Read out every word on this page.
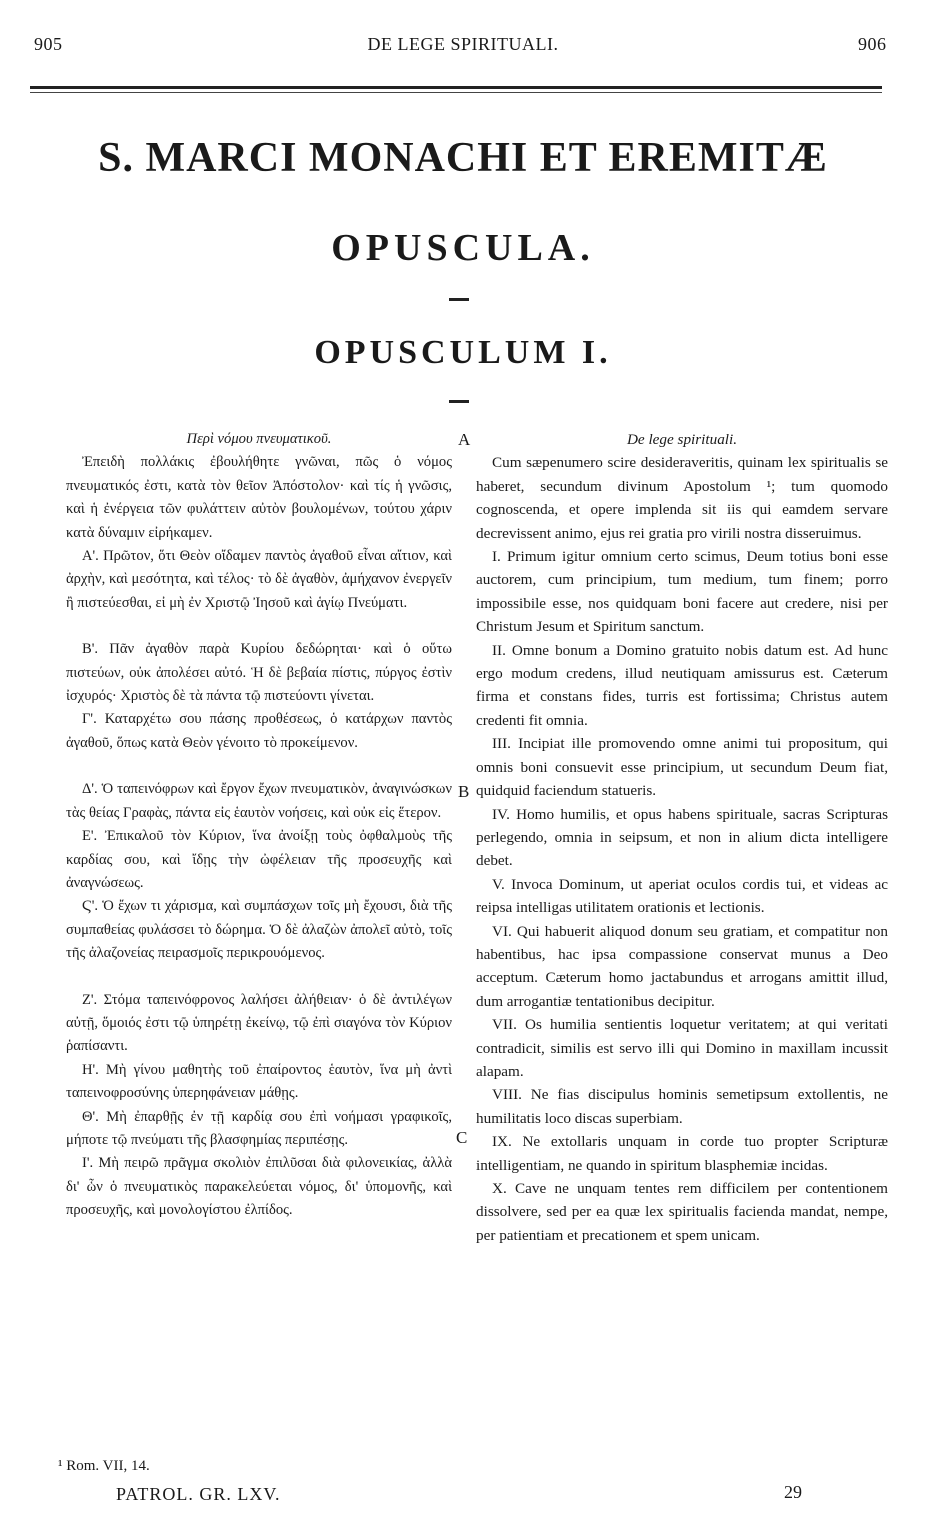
905	DE LEGE SPIRITUALI.	906
S. MARCI MONACHI ET EREMITÆ
OPUSCULA.
OPUSCULUM I.
A
B
C

Περὶ νόμου πνευματικοῦ.

Ἐπειδὴ πολλάκις ἐβουλήθητε γνῶναι, πῶς ὁ νόμος πνευματικός ἐστι, κατὰ τὸν θεῖον Ἀπόστολον· καὶ τίς ἡ γνῶσις, καὶ ἡ ἐνέργεια τῶν φυλάττειν αὐτὸν βουλομένων, τούτου χάριν κατὰ δύναμιν εἰρήκαμεν.

Α'. Πρῶτον, ὅτι Θεὸν οἴδαμεν παντὸς ἀγαθοῦ εἶναι αἴτιον, καὶ ἀρχὴν, καὶ μεσότητα, καὶ τέλος· τὸ δὲ ἀγαθὸν, ἀμήχανον ἐνεργεῖν ἢ πιστεύεσθαι, εἰ μὴ ἐν Χριστῷ Ἰησοῦ καὶ ἁγίῳ Πνεύματι.

Β'. Πᾶν ἀγαθὸν παρὰ Κυρίου δεδώρηται· καὶ ὁ οὕτω πιστεύων, οὐκ ἀπολέσει αὐτό. Ἡ δὲ βεβαία πίστις, πύργος ἐστὶν ἰσχυρός· Χριστὸς δὲ τὰ πάντα τῷ πιστεύοντι γίνεται.

Γ'. Καταρχέτω σου πάσης προθέσεως, ὁ κατάρχων παντὸς ἀγαθοῦ, ὅπως κατὰ Θεὸν γένοιτο τὸ προκείμενον.

Δ'. Ὁ ταπεινόφρων καὶ ἔργον ἔχων πνευματικὸν, ἀναγινώσκων τὰς θείας Γραφὰς, πάντα εἰς ἑαυτὸν νοήσεις, καὶ οὐκ εἰς ἕτερον.

Ε'. Ἐπικαλοῦ τὸν Κύριον, ἵνα ἀνοίξῃ τοὺς ὀφθαλμοὺς τῆς καρδίας σου, καὶ ἴδῃς τὴν ὠφέλειαν τῆς προσευχῆς καὶ ἀναγνώσεως.

Ϛ'. Ὁ ἔχων τι χάρισμα, καὶ συμπάσχων τοῖς μὴ ἔχουσι, διὰ τῆς συμπαθείας φυλάσσει τὸ δώρημα. Ὁ δὲ ἀλαζὼν ἀπολεῖ αὐτὸ, τοῖς τῆς ἀλαζονείας πειρασμοῖς περικρουόμενος.

Ζ'. Στόμα ταπεινόφρονος λαλήσει ἀλήθειαν· ὁ δὲ ἀντιλέγων αὐτῇ, ὅμοιός ἐστι τῷ ὑπηρέτῃ ἐκείνῳ, τῷ ἐπὶ σιαγόνα τὸν Κύριον ῥαπίσαντι.

Η'. Μὴ γίνου μαθητὴς τοῦ ἐπαίροντος ἑαυτὸν, ἵνα μὴ ἀντὶ ταπεινοφροσύνης ὑπερηφάνειαν μάθῃς.

Θ'. Μὴ ἐπαρθῇς ἐν τῇ καρδίᾳ σου ἐπὶ νοήμασι γραφικοῖς, μήποτε τῷ πνεύματι τῆς βλασφημίας περιπέσῃς.

Ι'. Μὴ πειρῶ πρᾶγμα σκολιὸν ἐπιλῦσαι διὰ φιλονεικίας, ἀλλὰ δι' ὧν ὁ πνευματικὸς παρακελεύεται νόμος, δι' ὑπομονῆς, καὶ προσευχῆς, καὶ μονολογίστου ἐλπίδος.

De lege spirituali.

Cum sæpenumero scire desideraveritis, quinam lex spiritualis se haberet, secundum divinum Apostolum ¹; tum quomodo cognoscenda, et opere implenda sit iis qui eamdem servare decrevissent animo, ejus rei gratia pro virili nostra disseruimus.

I. Primum igitur omnium certo scimus, Deum totius boni esse auctorem, cum principium, tum medium, tum finem; porro impossibile esse, nos quidquam boni facere aut credere, nisi per Christum Jesum et Spiritum sanctum.

II. Omne bonum a Domino gratuito nobis datum est. Ad hunc ergo modum credens, illud neutiquam amissurus est. Cæterum firma et constans fides, turris est fortissima; Christus autem credenti fit omnia.

III. Incipiat ille promovendo omne animi tui propositum, qui omnis boni consuevit esse principium, ut secundum Deum fiat, quidquid faciendum statueris.

IV. Homo humilis, et opus habens spirituale, sacras Scripturas perlegendo, omnia in seipsum, et non in alium dicta intelligere debet.

V. Invoca Dominum, ut aperiat oculos cordis tui, et videas ac reipsa intelligas utilitatem orationis et lectionis.

VI. Qui habuerit aliquod donum seu gratiam, et compatitur non habentibus, hac ipsa compassione conservat munus a Deo acceptum. Cæterum homo jactabundus et arrogans amittit illud, dum arrogantiæ tentationibus decipitur.

VII. Os humilia sentientis loquetur veritatem; at qui veritati contradicit, similis est servo illi qui Domino in maxillam incussit alapam.

VIII. Ne fias discipulus hominis semetipsum extollentis, ne humilitatis loco discas superbiam.

IX. Ne extollaris unquam in corde tuo propter Scripturæ intelligentiam, ne quando in spiritum blasphemiæ incidas.

X. Cave ne unquam tentes rem difficilem per contentionem dissolvere, sed per ea quæ lex spiritualis facienda mandat, nempe, per patientiam et precationem et spem unicam.

¹ Rom. VII, 14.
PATROL. GR. LXV.	29
